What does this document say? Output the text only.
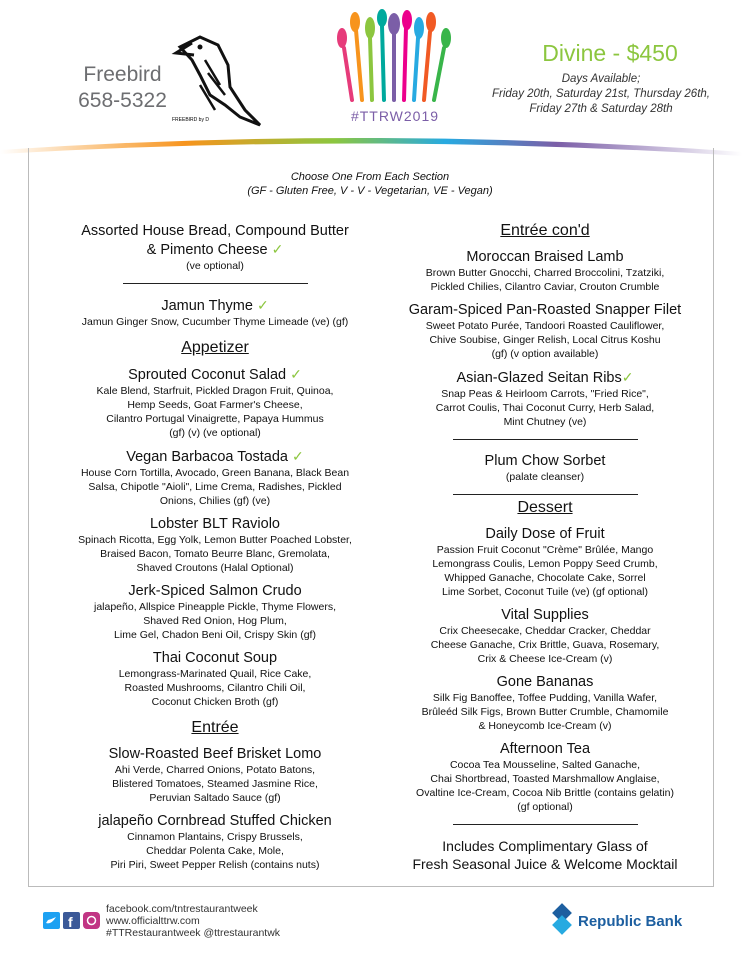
Freebird
658-5322
FREEBIRD by D	#TTRW2019
Divine - $450
Days Available;
Friday 20th, Saturday 21st, Thursday 26th,
Friday 27th & Saturday 28th
Choose One From Each Section
(GF - Gluten Free, V - V - Vegetarian, VE - Vegan)
Assorted House Bread, Compound Butter
& Pimento Cheese ✓
(ve optional)
Jamun Thyme ✓
Jamun Ginger Snow, Cucumber Thyme Limeade (ve) (gf)
Appetizer
Sprouted Coconut Salad ✓
Kale Blend, Starfruit, Pickled Dragon Fruit, Quinoa,
Hemp Seeds, Goat Farmer's Cheese,
Cilantro Portugal Vinaigrette, Papaya Hummus
(gf) (v) (ve optional)
Vegan Barbacoa Tostada ✓
House Corn Tortilla, Avocado, Green Banana, Black Bean
Salsa, Chipotle "Aioli", Lime Crema, Radishes, Pickled
Onions, Chilies (gf) (ve)
Lobster BLT Raviolo
Spinach Ricotta, Egg Yolk, Lemon Butter Poached Lobster,
Braised Bacon, Tomato Beurre Blanc, Gremolata,
Shaved Croutons (Halal Optional)
Jerk-Spiced Salmon Crudo
jalapeño, Allspice Pineapple Pickle, Thyme Flowers,
Shaved Red Onion, Hog Plum,
Lime Gel, Chadon Beni Oil, Crispy Skin (gf)
Thai Coconut Soup
Lemongrass-Marinated Quail, Rice Cake,
Roasted Mushrooms, Cilantro Chili Oil,
Coconut Chicken Broth (gf)
Entrée
Slow-Roasted Beef Brisket Lomo
Ahi Verde, Charred Onions, Potato Batons,
Blistered Tomatoes, Steamed Jasmine Rice,
Peruvian Saltado Sauce (gf)
jalapeño Cornbread Stuffed Chicken
Cinnamon Plantains, Crispy Brussels,
Cheddar Polenta Cake, Mole,
Piri Piri, Sweet Pepper Relish (contains nuts)
Entrée con'd
Moroccan Braised Lamb
Brown Butter Gnocchi, Charred Broccolini, Tzatziki,
Pickled Chilies, Cilantro Caviar, Crouton Crumble
Garam-Spiced Pan-Roasted Snapper Filet
Sweet Potato Purée, Tandoori Roasted Cauliflower,
Chive Soubise, Ginger Relish, Local Citrus Koshu
(gf) (v option available)
Asian-Glazed Seitan Ribs✓
Snap Peas & Heirloom Carrots, "Fried Rice",
Carrot Coulis, Thai Coconut Curry, Herb Salad,
Mint Chutney (ve)
Plum Chow Sorbet
(palate cleanser)
Dessert
Daily Dose of Fruit
Passion Fruit Coconut "Crème" Brûlée, Mango
Lemongrass Coulis, Lemon Poppy Seed Crumb,
Whipped Ganache, Chocolate Cake, Sorrel
Lime Sorbet, Coconut Tuile (ve) (gf optional)
Vital Supplies
Crix Cheesecake, Cheddar Cracker, Cheddar
Cheese Ganache, Crix Brittle, Guava, Rosemary,
Crix & Cheese Ice-Cream (v)
Gone Bananas
Silk Fig Banoffee, Toffee Pudding, Vanilla Wafer,
Brûleéd Silk Figs, Brown Butter Crumble, Chamomile
& Honeycomb Ice-Cream (v)
Afternoon Tea
Cocoa Tea Mousseline, Salted Ganache,
Chai Shortbread, Toasted Marshmallow Anglaise,
Ovaltine Ice-Cream, Cocoa Nib Brittle (contains gelatin)
(gf optional)
Includes Complimentary Glass of
Fresh Seasonal Juice & Welcome Mocktail
f
facebook.com/tntrestaurantweek
www.officialttrw.com
#TTRestaurantweek @ttrestaurantwk
Republic Bank
